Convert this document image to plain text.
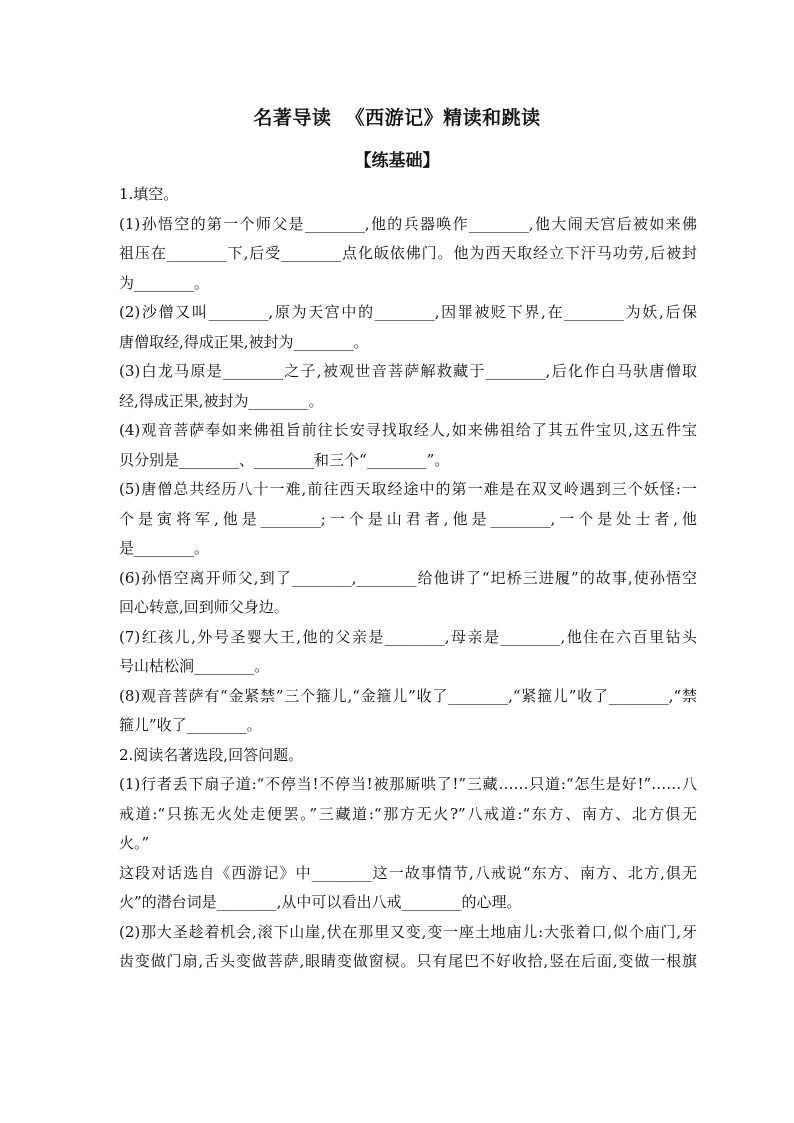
名著导读  《西游记》精读和跳读
【练基础】
1.填空。
(1)孙悟空的第一个师父是________,他的兵器唤作________,他大闹天宫后被如来佛
祖压在________下,后受________点化皈依佛门。他为西天取经立下汗马功劳,后被封
为________。
(2)沙僧又叫________,原为天宫中的________,因罪被贬下界,在________为妖,后保
唐僧取经,得成正果,被封为________。
(3)白龙马原是________之子,被观世音菩萨解救藏于________,后化作白马驮唐僧取
经,得成正果,被封为________。
(4)观音菩萨奉如来佛祖旨前往长安寻找取经人,如来佛祖给了其五件宝贝,这五件宝
贝分别是________、________和三个“________”。
(5)唐僧总共经历八十一难,前往西天取经途中的第一难是在双叉岭遇到三个妖怪:一
个是寅将军,他是________;一个是山君者,他是________,一个是处士者,他
是________。
(6)孙悟空离开师父,到了________,________给他讲了“圯桥三进履”的故事,使孙悟空
回心转意,回到师父身边。
(7)红孩儿,外号圣婴大王,他的父亲是________,母亲是________,他住在六百里钻头
号山枯松涧________。
(8)观音菩萨有“金紧禁”三个箍儿,“金箍儿”收了________,“紧箍儿”收了________,“禁
箍儿”收了________。
2.阅读名著选段,回答问题。
(1)行者丢下扇子道:“不停当!不停当!被那厮哄了!”三藏……只道:“怎生是好!”……八
戒道:“只拣无火处走便罢。”三藏道:“那方无火?”八戒道:“东方、南方、北方俱无
火。”
这段对话选自《西游记》中________这一故事情节,八戒说“东方、南方、北方,俱无
火”的潜台词是________,从中可以看出八戒________的心理。
(2)那大圣趁着机会,滚下山崖,伏在那里又变,变一座土地庙儿:大张着口,似个庙门,牙
齿变做门扇,舌头变做菩萨,眼睛变做窗棂。只有尾巴不好收拾,竖在后面,变做一根旗
